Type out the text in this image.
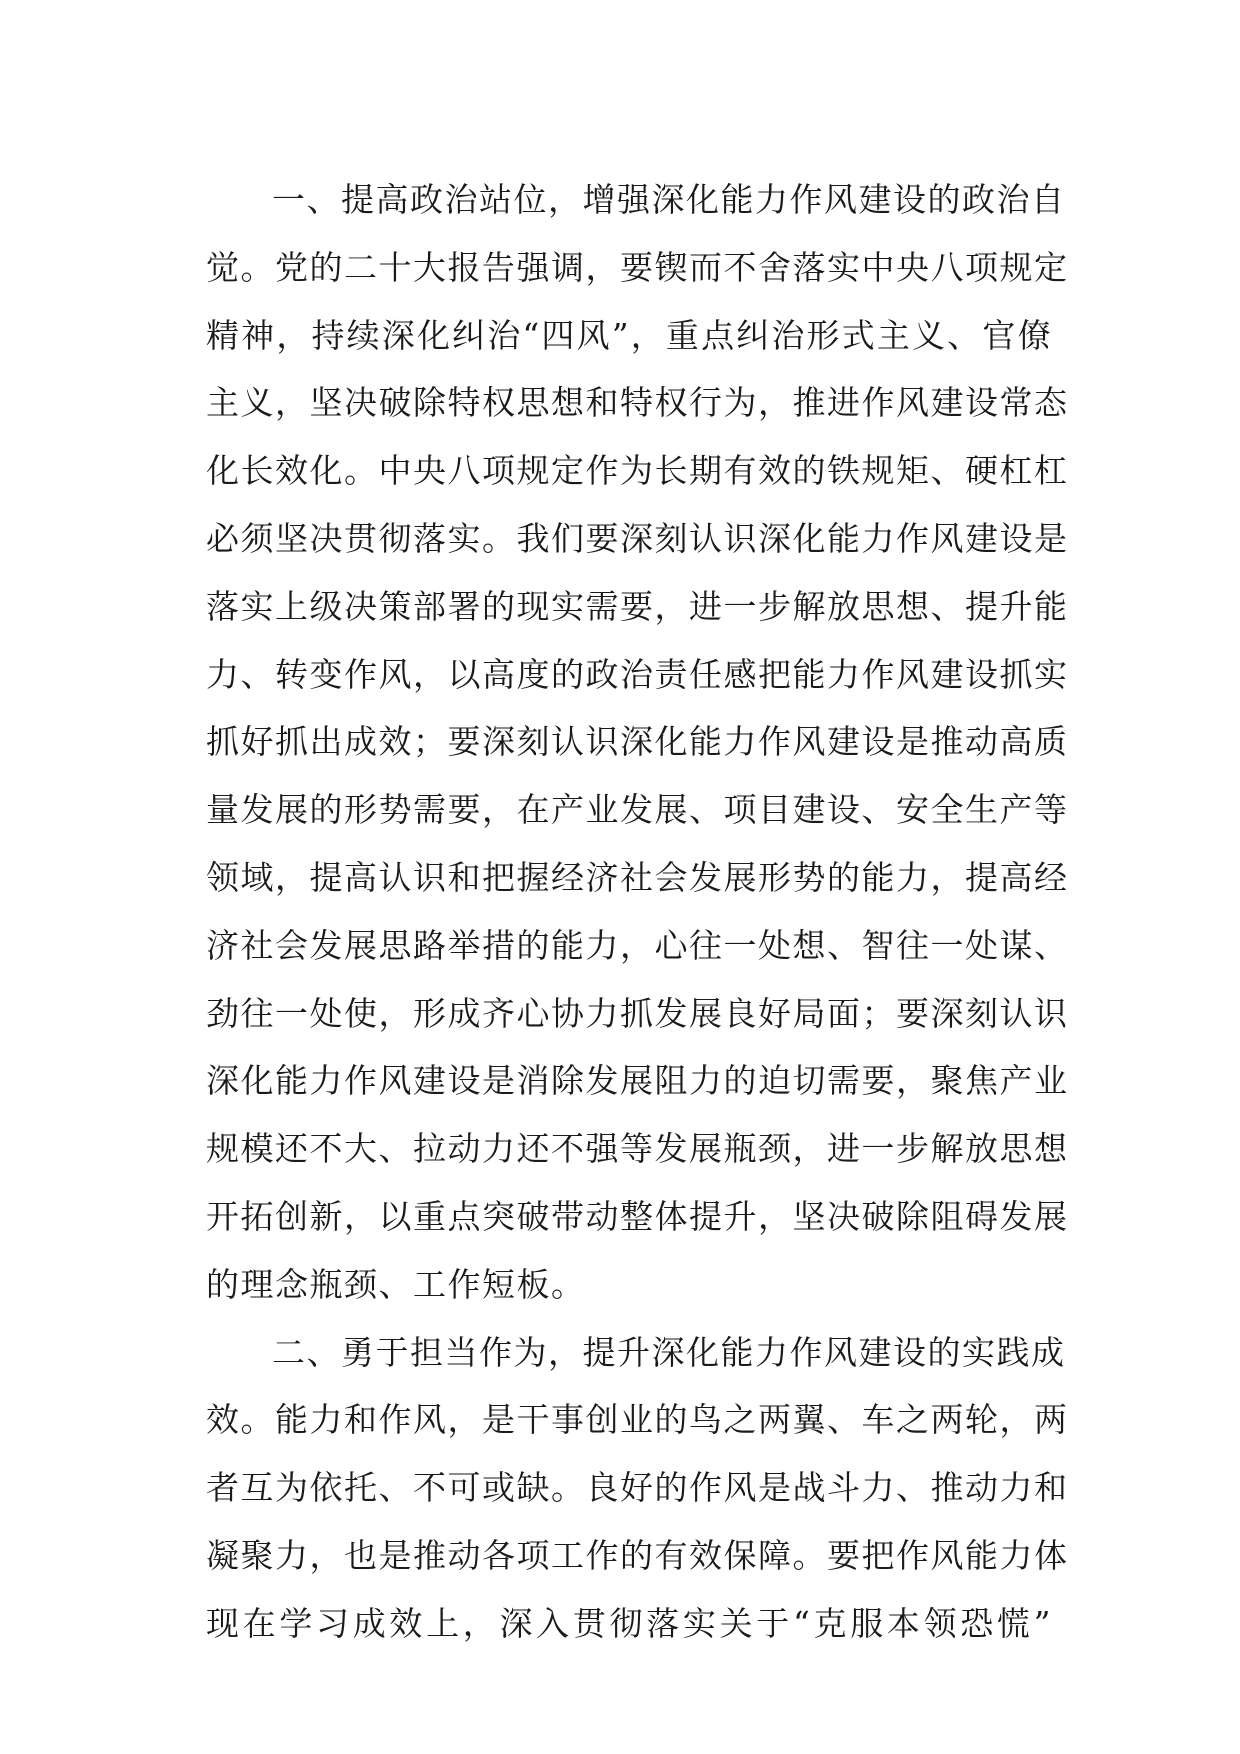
一、提高政治站位，增强深化能力作风建设的政治自
觉。党的二十大报告强调，要锲而不舍落实中央八项规定
精神，持续深化纠治“四风”，重点纠治形式主义、官僚
主义，坚决破除特权思想和特权行为，推进作风建设常态
化长效化。中央八项规定作为长期有效的铁规矩、硬杠杠
必须坚决贯彻落实。我们要深刻认识深化能力作风建设是
落实上级决策部署的现实需要，进一步解放思想、提升能
力、转变作风，以高度的政治责任感把能力作风建设抓实
抓好抓出成效；要深刻认识深化能力作风建设是推动高质
量发展的形势需要，在产业发展、项目建设、安全生产等
领域，提高认识和把握经济社会发展形势的能力，提高经
济社会发展思路举措的能力，心往一处想、智往一处谋、
劲往一处使，形成齐心协力抓发展良好局面；要深刻认识
深化能力作风建设是消除发展阻力的迫切需要，聚焦产业
规模还不大、拉动力还不强等发展瓶颈，进一步解放思想
开拓创新，以重点突破带动整体提升，坚决破除阻碍发展
的理念瓶颈、工作短板。
二、勇于担当作为，提升深化能力作风建设的实践成
效。能力和作风，是干事创业的鸟之两翼、车之两轮，两
者互为依托、不可或缺。良好的作风是战斗力、推动力和
凝聚力，也是推动各项工作的有效保障。要把作风能力体
现在学习成效上，深入贯彻落实关于“克服本领恐慌”
